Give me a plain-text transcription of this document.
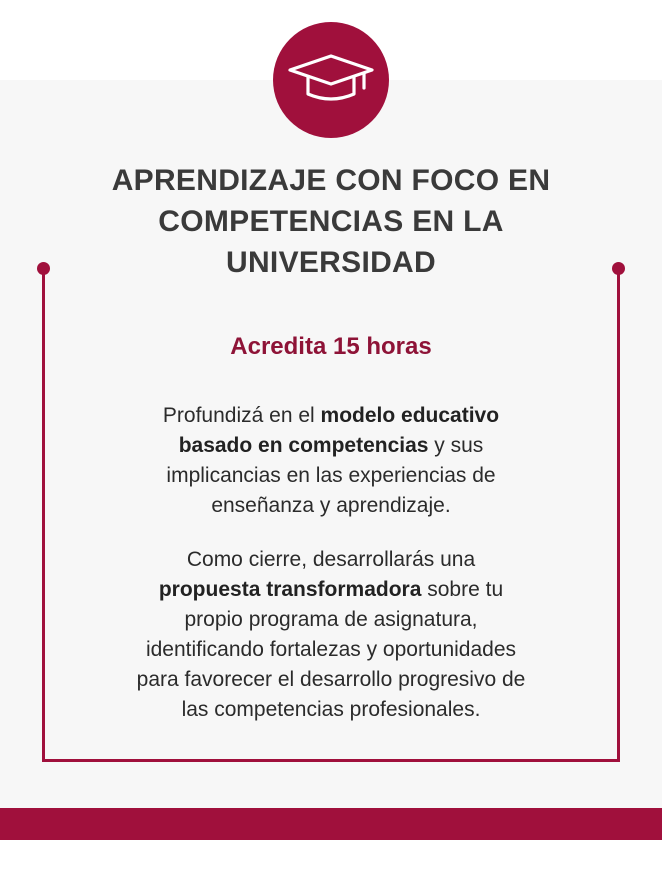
APRENDIZAJE CON FOCO EN
COMPETENCIAS EN LA
UNIVERSIDAD
Acredita 15 horas

Profundizá en el modelo educativo
basado en competencias y sus
implicancias en las experiencias de
enseñanza y aprendizaje.

Como cierre, desarrollarás una
propuesta transformadora sobre tu
propio programa de asignatura,
identificando fortalezas y oportunidades
para favorecer el desarrollo progresivo de
las competencias profesionales.
